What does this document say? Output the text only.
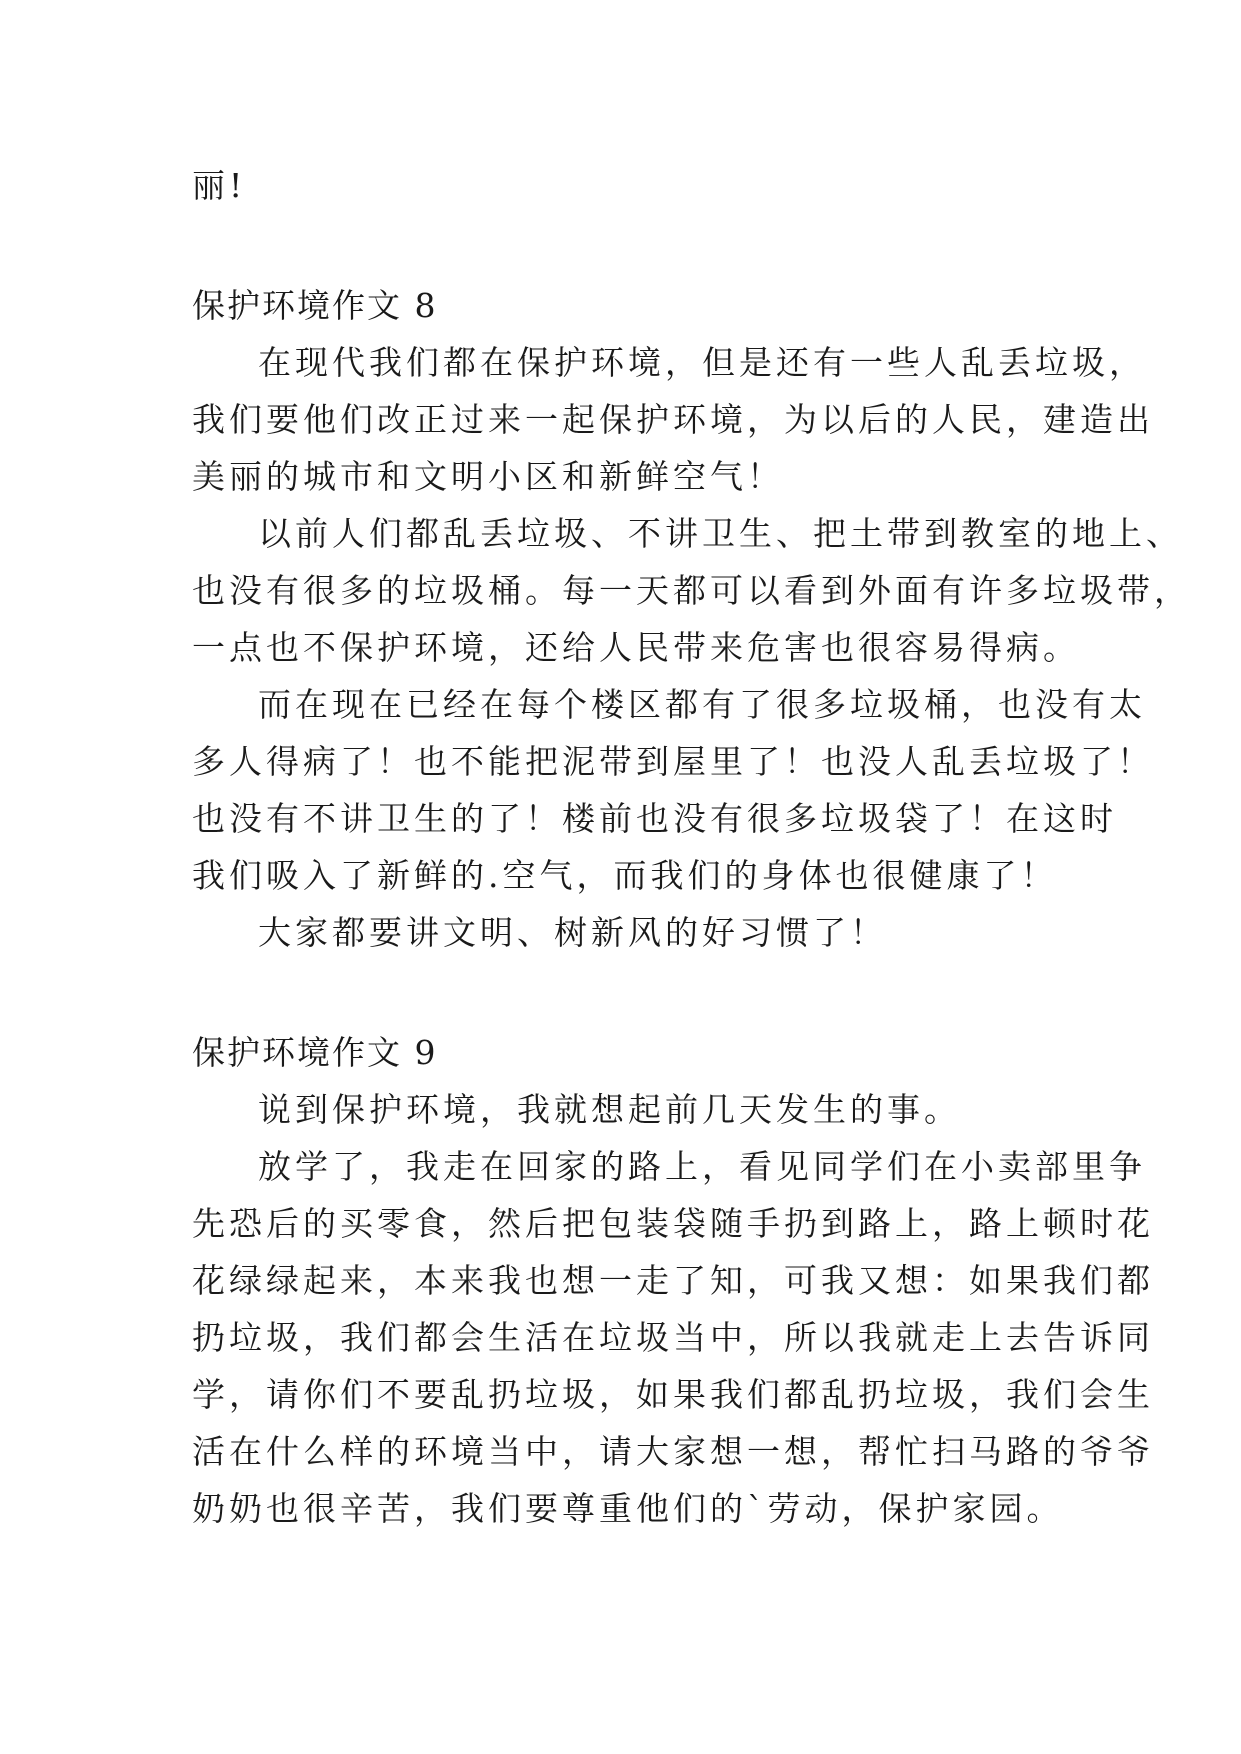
丽!
保护环境作文 8
在现代我们都在保护环境，但是还有一些人乱丢垃圾，
我们要他们改正过来一起保护环境，为以后的人民，建造出
美丽的城市和文明小区和新鲜空气！
以前人们都乱丢垃圾、不讲卫生、把土带到教室的地上、
也没有很多的垃圾桶。每一天都可以看到外面有许多垃圾带，
一点也不保护环境，还给人民带来危害也很容易得病。
而在现在已经在每个楼区都有了很多垃圾桶，也没有太
多人得病了！也不能把泥带到屋里了！也没人乱丢垃圾了！
也没有不讲卫生的了！楼前也没有很多垃圾袋了！在这时
我们吸入了新鲜的.空气，而我们的身体也很健康了！
大家都要讲文明、树新风的好习惯了！
保护环境作文 9
说到保护环境，我就想起前几天发生的事。
放学了，我走在回家的路上，看见同学们在小卖部里争
先恐后的买零食，然后把包装袋随手扔到路上，路上顿时花
花绿绿起来，本来我也想一走了知，可我又想：如果我们都
扔垃圾，我们都会生活在垃圾当中，所以我就走上去告诉同
学，请你们不要乱扔垃圾，如果我们都乱扔垃圾，我们会生
活在什么样的环境当中，请大家想一想，帮忙扫马路的爷爷
奶奶也很辛苦，我们要尊重他们的`劳动，保护家园。
